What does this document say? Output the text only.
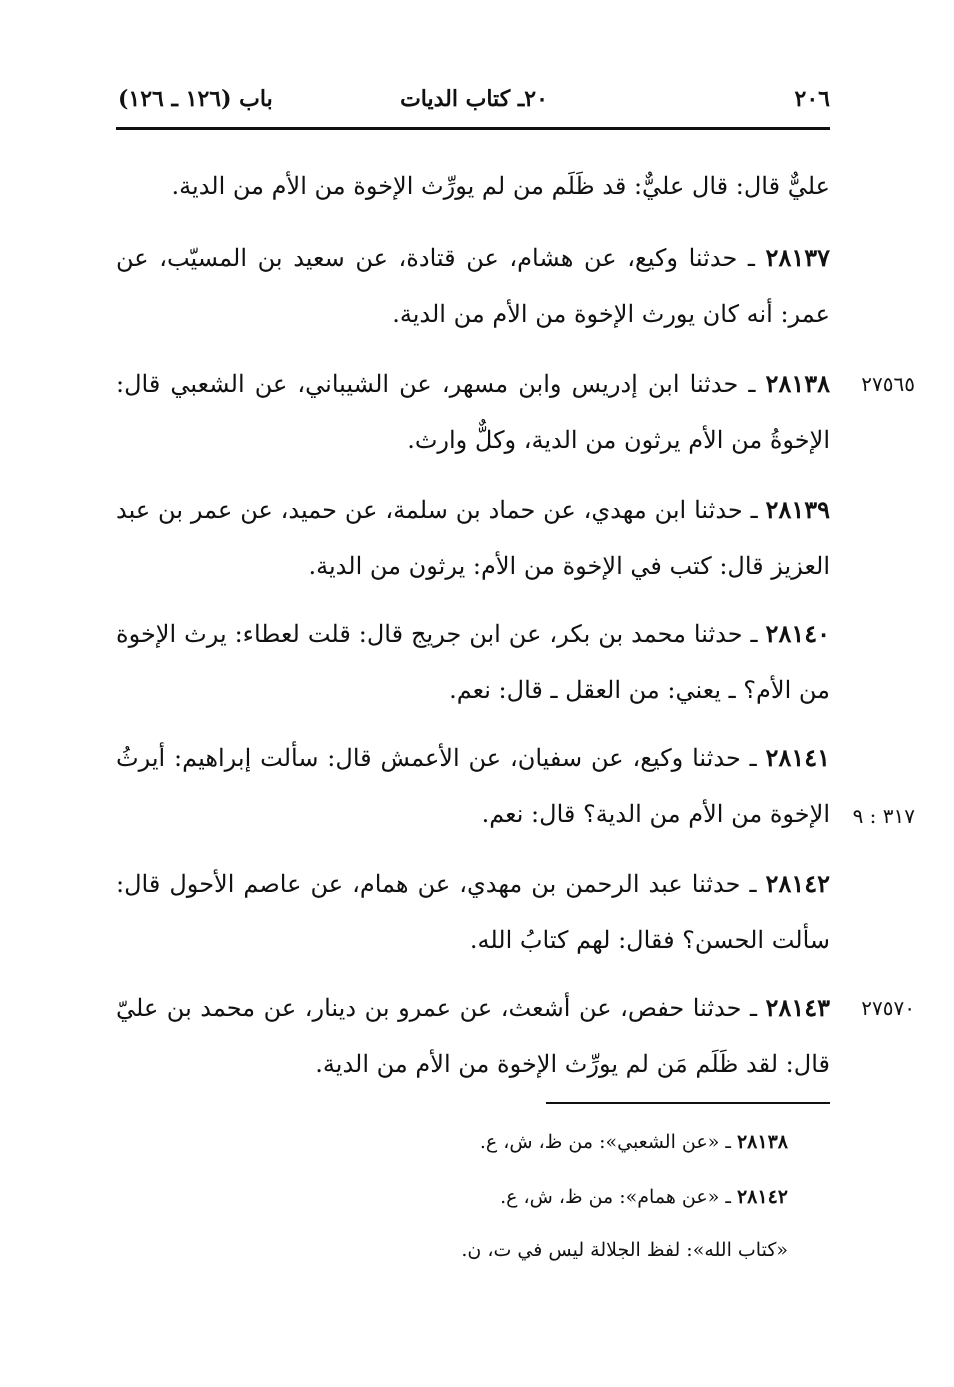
٢٠٦
٢٠ـ كتاب الديات
باب (١٢٦ ـ ١٢٦)
عليٌّ قال: قال عليٌّ: قد ظَلَم من لم يورِّث الإخوة من الأم من الدية.
٢٨١٣٧ ـ حدثنا وكيع، عن هشام، عن قتادة، عن سعيد بن المسيّب، عن عمر: أنه كان يورث الإخوة من الأم من الدية.
٢٨١٣٨ ـ حدثنا ابن إدريس وابن مسهر، عن الشيباني، عن الشعبي قال: الإخوةُ من الأم يرثون من الدية، وكلٌّ وارث.
٢٧٥٦٥
٢٨١٣٩ ـ حدثنا ابن مهدي، عن حماد بن سلمة، عن حميد، عن عمر بن عبد العزيز قال: كتب في الإخوة من الأم: يرثون من الدية.
٢٨١٤٠ ـ حدثنا محمد بن بكر، عن ابن جريج قال: قلت لعطاء: يرث الإخوة من الأم؟ ـ يعني: من العقل ـ قال: نعم.
٢٨١٤١ ـ حدثنا وكيع، عن سفيان، عن الأعمش قال: سألت إبراهيم: أيرثُ الإخوة من الأم من الدية؟ قال: نعم.	٣١٧ : ٩
٢٨١٤٢ ـ حدثنا عبد الرحمن بن مهدي، عن همام، عن عاصم الأحول قال: سألت الحسن؟ فقال: لهم كتابُ الله.
٢٨١٤٣ ـ حدثنا حفص، عن أشعث، عن عمرو بن دينار، عن محمد بن عليّ قال: لقد ظَلَم مَن لم يورِّث الإخوة من الأم من الدية.
٢٧٥٧٠
٢٨١٣٨ ـ «عن الشعبي»: من ظ، ش، ع.
٢٨١٤٢ ـ «عن همام»: من ظ، ش، ع.
«كتاب الله»: لفظ الجلالة ليس في ت، ن.
